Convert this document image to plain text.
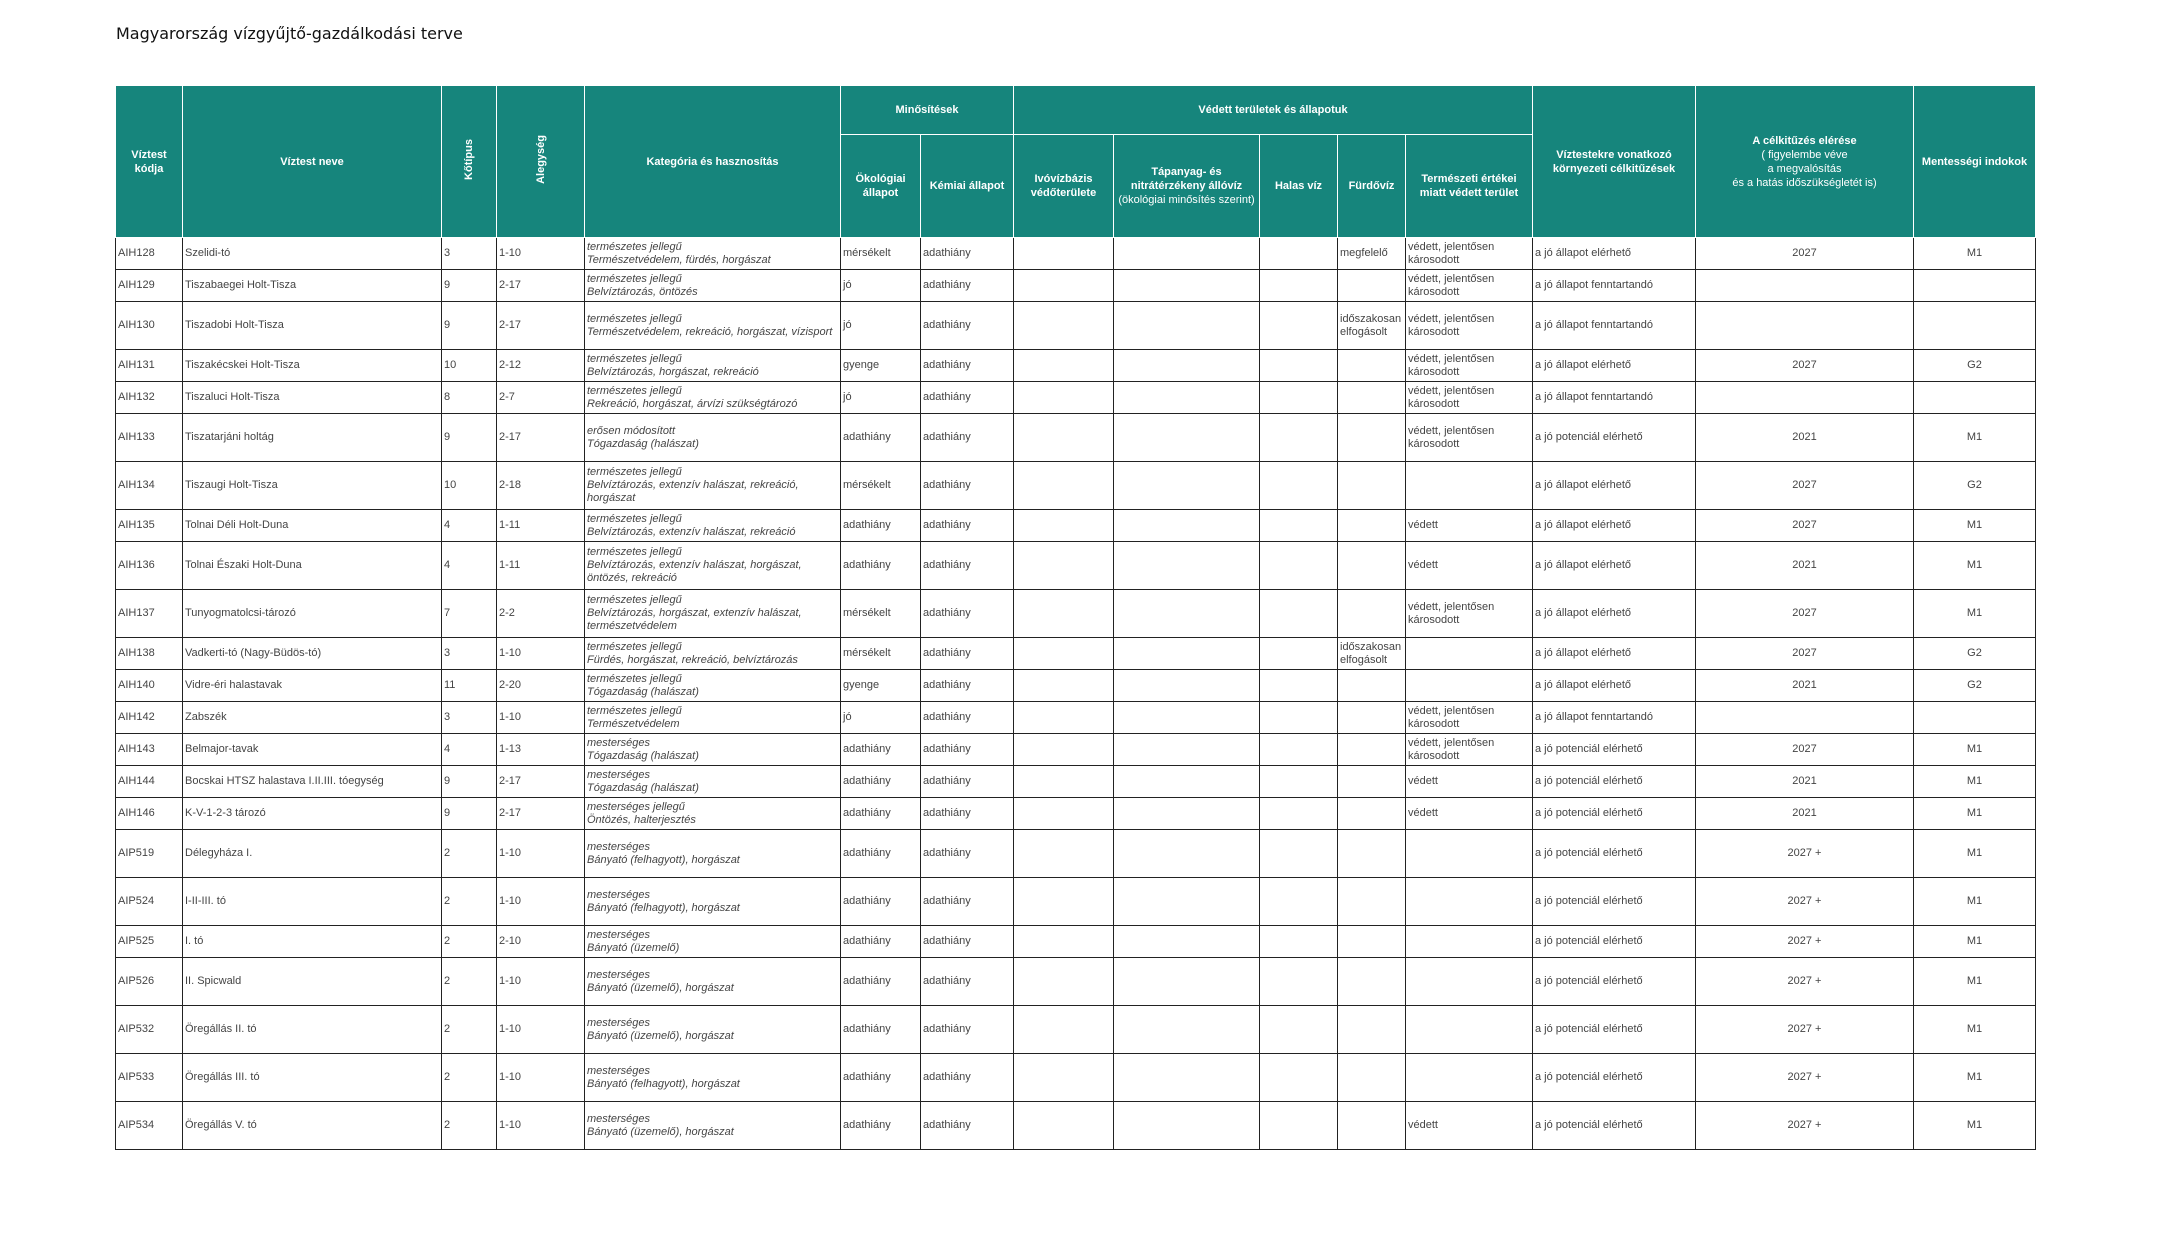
Magyarország vízgyűjtő-gazdálkodási terve
Víztest kódja	Víztest neve	Kőtípus	Alegység	Kategória és hasznosítás	Minősítések		Védett területek és állapotuk					Víztestekre vonatkozó környezeti célkitűzések	A célkitűzés elérése
( figyelembe véve
a megvalósítás
és a hatás időszükségletét is)	Mentességi indokok
					Ökológiai állapot	Kémiai állapot	Ivóvízbázis védőterülete	Tápanyag- és nitrátérzékeny állóvíz
(ökológiai minősítés szerint)	Halas víz	Fürdővíz	Természeti értékei miatt védett terület			
AIH128	Szelidi-tó	3	1-10	természetes jellegű
Természetvédelem, fürdés, horgászat	mérsékelt	adathiány				megfelelő	védett, jelentősen károsodott	a jó állapot elérhető	2027	M1
AIH129	Tiszabaegei Holt-Tisza	9	2-17	természetes jellegű
Belvíztározás, öntözés	jó	adathiány					védett, jelentősen károsodott	a jó állapot fenntartandó		
AIH130	Tiszadobi Holt-Tisza	9	2-17	természetes jellegű
Természetvédelem, rekreáció, horgászat, vízisport	jó	adathiány				időszakosan elfogásolt	védett, jelentősen károsodott	a jó állapot fenntartandó		
AIH131	Tiszakécskei Holt-Tisza	10	2-12	természetes jellegű
Belvíztározás, horgászat, rekreáció	gyenge	adathiány					védett, jelentősen károsodott	a jó állapot elérhető	2027	G2
AIH132	Tiszaluci Holt-Tisza	8	2-7	természetes jellegű
Rekreáció, horgászat, árvízi szükségtározó	jó	adathiány					védett, jelentősen károsodott	a jó állapot fenntartandó		
AIH133	Tiszatarjáni holtág	9	2-17	erősen módosított
Tógazdaság (halászat)	adathiány	adathiány					védett, jelentősen károsodott	a jó potenciál elérhető	2021	M1
AIH134	Tiszaugi Holt-Tisza	10	2-18	természetes jellegű
Belvíztározás, extenzív halászat, rekreáció, horgászat	mérsékelt	adathiány						a jó állapot elérhető	2027	G2
AIH135	Tolnai Déli Holt-Duna	4	1-11	természetes jellegű
Belvíztározás, extenzív halászat, rekreáció	adathiány	adathiány					védett	a jó állapot elérhető	2027	M1
AIH136	Tolnai Északi Holt-Duna	4	1-11	természetes jellegű
Belvíztározás, extenzív halászat, horgászat, öntözés, rekreáció	adathiány	adathiány					védett	a jó állapot elérhető	2021	M1
AIH137	Tunyogmatolcsi-tározó	7	2-2	természetes jellegű
Belvíztározás, horgászat, extenzív halászat, természetvédelem	mérsékelt	adathiány					védett, jelentősen károsodott	a jó állapot elérhető	2027	M1
AIH138	Vadkerti-tó (Nagy-Büdös-tó)	3	1-10	természetes jellegű
Fürdés, horgászat, rekreáció, belvíztározás	mérsékelt	adathiány				időszakosan elfogásolt		a jó állapot elérhető	2027	G2
AIH140	Vidre-éri halastavak	11	2-20	természetes jellegű
Tógazdaság (halászat)	gyenge	adathiány						a jó állapot elérhető	2021	G2
AIH142	Zabszék	3	1-10	természetes jellegű
Természetvédelem	jó	adathiány					védett, jelentősen károsodott	a jó állapot fenntartandó		
AIH143	Belmajor-tavak	4	1-13	mesterséges
Tógazdaság (halászat)	adathiány	adathiány					védett, jelentősen károsodott	a jó potenciál elérhető	2027	M1
AIH144	Bocskai HTSZ halastava I.II.III. tóegység	9	2-17	mesterséges
Tógazdaság (halászat)	adathiány	adathiány					védett	a jó potenciál elérhető	2021	M1
AIH146	K-V-1-2-3 tározó	9	2-17	mesterséges jellegű
Öntözés, halterjesztés	adathiány	adathiány					védett	a jó potenciál elérhető	2021	M1
AIP519	Délegyháza I.	2	1-10	mesterséges
Bányató (felhagyott), horgászat	adathiány	adathiány						a jó potenciál elérhető	2027 +	M1
AIP524	I-II-III. tó	2	1-10	mesterséges
Bányató (felhagyott), horgászat	adathiány	adathiány						a jó potenciál elérhető	2027 +	M1
AIP525	I. tó	2	2-10	mesterséges
Bányató (üzemelő)	adathiány	adathiány						a jó potenciál elérhető	2027 +	M1
AIP526	II. Spicwald	2	1-10	mesterséges
Bányató (üzemelő), horgászat	adathiány	adathiány						a jó potenciál elérhető	2027 +	M1
AIP532	Öregállás II. tó	2	1-10	mesterséges
Bányató (üzemelő), horgászat	adathiány	adathiány						a jó potenciál elérhető	2027 +	M1
AIP533	Öregállás III. tó	2	1-10	mesterséges
Bányató (felhagyott), horgászat	adathiány	adathiány						a jó potenciál elérhető	2027 +	M1
AIP534	Öregállás V. tó	2	1-10	mesterséges
Bányató (üzemelő), horgászat	adathiány	adathiány					védett	a jó potenciál elérhető	2027 +	M1
